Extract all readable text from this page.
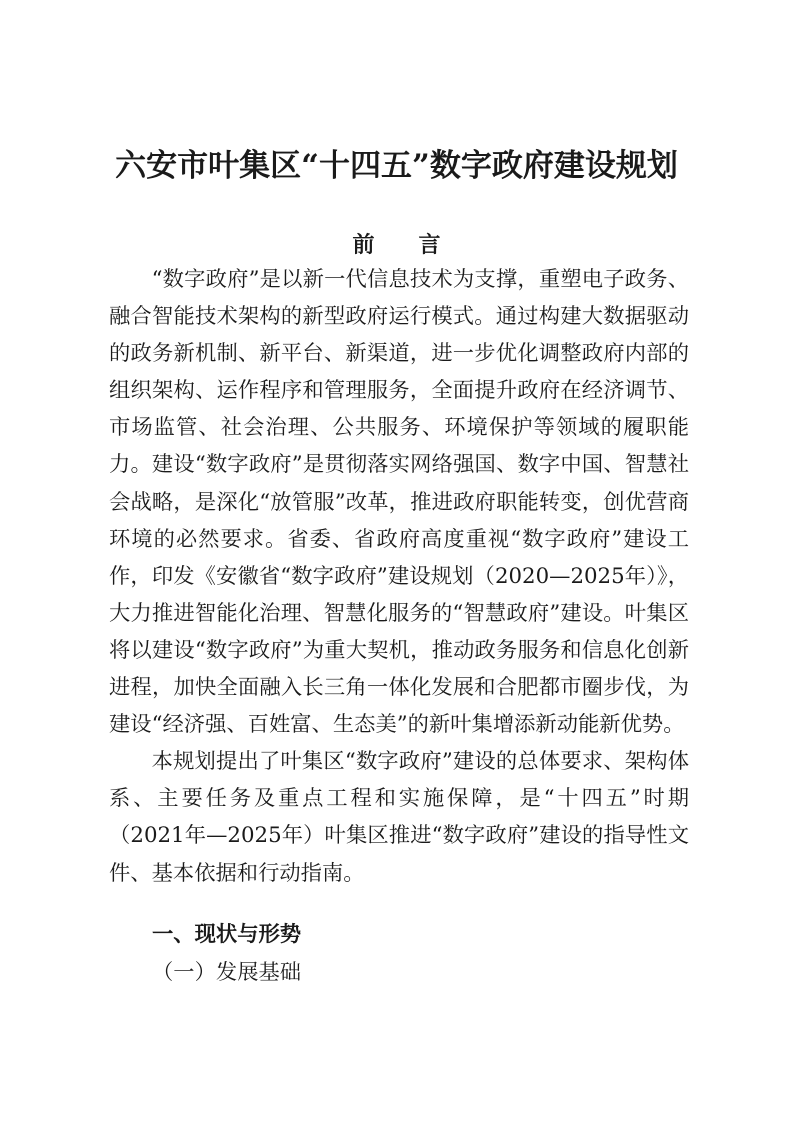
六安市叶集区“十四五”数字政府建设规划
前 言

“数字政府”是以新一代信息技术为支撑，重塑电子政务、融合智能技术架构的新型政府运行模式。通过构建大数据驱动的政务新机制、新平台、新渠道，进一步优化调整政府内部的组织架构、运作程序和管理服务，全面提升政府在经济调节、市场监管、社会治理、公共服务、环境保护等领域的履职能力。建设“数字政府”是贯彻落实网络强国、数字中国、智慧社会战略，是深化“放管服”改革，推进政府职能转变，创优营商环境的必然要求。省委、省政府高度重视“数字政府”建设工作，印发《安徽省“数字政府”建设规划（2020—2025年）》，大力推进智能化治理、智慧化服务的“智慧政府”建设。叶集区将以建设“数字政府”为重大契机，推动政务服务和信息化创新进程，加快全面融入长三角一体化发展和合肥都市圈步伐，为建设“经济强、百姓富、生态美”的新叶集增添新动能新优势。

本规划提出了叶集区“数字政府”建设的总体要求、架构体系、主要任务及重点工程和实施保障，是“十四五”时期（2021年—2025年）叶集区推进“数字政府”建设的指导性文件、基本依据和行动指南。

一、现状与形势
（一）发展基础
